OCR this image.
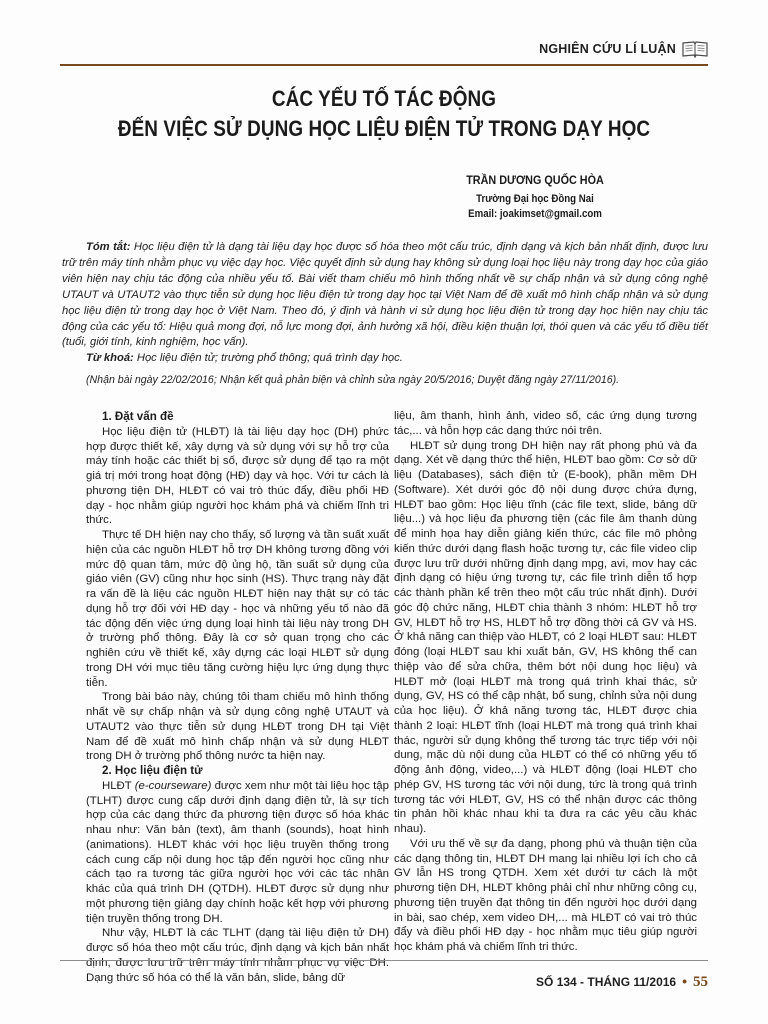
NGHIÊN CỨU LÍ LUẬN
CÁC YẾU TỐ TÁC ĐỘNG
ĐẾN VIỆC SỬ DỤNG HỌC LIỆU ĐIỆN TỬ TRONG DẠY HỌC
TRẦN DƯƠNG QUỐC HÒA
Trường Đại học Đồng Nai
Email: joakimset@gmail.com

Tóm tắt: Học liệu điện tử là dạng tài liệu dạy học được số hóa theo một cấu trúc, định dạng và kịch bản nhất định, được lưu trữ trên máy tính nhằm phục vụ việc dạy học. Việc quyết định sử dụng hay không sử dụng loại học liệu này trong dạy học của giáo viên hiện nay chịu tác động của nhiều yếu tố. Bài viết tham chiếu mô hình thống nhất về sự chấp nhận và sử dụng công nghệ UTAUT và UTAUT2 vào thực tiễn sử dụng học liệu điện tử trong dạy học tại Việt Nam để đề xuất mô hình chấp nhận và sử dụng học liệu điện tử trong dạy học ở Việt Nam. Theo đó, ý định và hành vi sử dụng học liệu điện tử trong dạy học hiện nay chịu tác động của các yếu tố: Hiệu quả mong đợi, nỗ lực mong đợi, ảnh hưởng xã hội, điều kiện thuận lợi, thói quen và các yếu tố điều tiết (tuổi, giới tính, kinh nghiệm, học vấn).

Từ khoá: Học liệu điện tử; trường phổ thông; quá trình dạy học.

(Nhận bài ngày 22/02/2016; Nhận kết quả phản biện và chỉnh sửa ngày 20/5/2016; Duyệt đăng ngày 27/11/2016).

1. Đặt vấn đề

Học liệu điện tử (HLĐT) là tài liệu dạy học (DH) phức hợp được thiết kế, xây dựng và sử dụng với sự hỗ trợ của máy tính hoặc các thiết bị số, được sử dụng để tạo ra một giá trị mới trong hoạt động (HĐ) dạy và học. Với tư cách là phương tiện DH, HLĐT có vai trò thúc đẩy, điều phối HĐ dạy - học nhằm giúp người học khám phá và chiếm lĩnh tri thức.

Thực tế DH hiện nay cho thấy, số lượng và tần suất xuất hiện của các nguồn HLĐT hỗ trợ DH không tương đồng với mức độ quan tâm, mức độ ủng hộ, tần suất sử dụng của giáo viên (GV) cũng như học sinh (HS). Thực trạng này đặt ra vấn đề là liệu các nguồn HLĐT hiện nay thật sự có tác dụng hỗ trợ đối với HĐ dạy - học và những yếu tố nào đã tác động đến việc ứng dụng loại hình tài liệu này trong DH ở trường phổ thông. Đây là cơ sở quan trọng cho các nghiên cứu về thiết kế, xây dựng các loại HLĐT sử dụng trong DH với mục tiêu tăng cường hiệu lực ứng dụng thực tiễn.

Trong bài báo này, chúng tôi tham chiếu mô hình thống nhất về sự chấp nhận và sử dụng công nghệ UTAUT và UTAUT2 vào thực tiễn sử dụng HLĐT trong DH tại Việt Nam để đề xuất mô hình chấp nhận và sử dụng HLĐT trong DH ở trường phổ thông nước ta hiện nay.

2. Học liệu điện tử

HLĐT (e-courseware) được xem như một tài liệu học tập (TLHT) được cung cấp dưới định dạng điện tử, là sự tích hợp của các dạng thức đa phương tiện được số hóa khác nhau như: Văn bản (text), âm thanh (sounds), hoạt hình (animations). HLĐT khác với học liệu truyền thống trong cách cung cấp nội dung học tập đến người học cũng như cách tạo ra tương tác giữa người học với các tác nhân khác của quá trình DH (QTDH). HLĐT được sử dụng như một phương tiện giảng dạy chính hoặc kết hợp với phương tiện truyền thống trong DH.

Như vậy, HLĐT là các TLHT (dạng tài liệu điện tử DH) được số hóa theo một cấu trúc, định dạng và kịch bản nhất định, được lưu trữ trên máy tính nhằm phục vụ việc DH. Dạng thức số hóa có thể là văn bản, slide, bảng dữ

liệu, âm thanh, hình ảnh, video số, các ứng dụng tương tác,... và hỗn hợp các dạng thức nói trên.

HLĐT sử dụng trong DH hiện nay rất phong phú và đa dạng. Xét về dạng thức thể hiện, HLĐT bao gồm: Cơ sở dữ liệu (Databases), sách điện tử (E-book), phần mềm DH (Software). Xét dưới góc độ nội dung được chứa đựng, HLĐT bao gồm: Học liệu tĩnh (các file text, slide, bảng dữ liệu...) và học liệu đa phương tiện (các file âm thanh dùng để minh họa hay diễn giảng kiến thức, các file mô phỏng kiến thức dưới dạng flash hoặc tương tự, các file video clip được lưu trữ dưới những định dạng mpg, avi, mov hay các định dạng có hiệu ứng tương tự, các file trình diễn tổ hợp các thành phần kể trên theo một cấu trúc nhất định). Dưới góc độ chức năng, HLĐT chia thành 3 nhóm: HLĐT hỗ trợ GV, HLĐT hỗ trợ HS, HLĐT hỗ trợ đồng thời cả GV và HS. Ở khả năng can thiệp vào HLĐT, có 2 loại HLĐT sau: HLĐT đóng (loại HLĐT sau khi xuất bản, GV, HS không thể can thiệp vào để sửa chữa, thêm bớt nội dung học liệu) và HLĐT mở (loại HLĐT mà trong quá trình khai thác, sử dụng, GV, HS có thể cập nhật, bổ sung, chỉnh sửa nội dung của học liệu). Ở khả năng tương tác, HLĐT được chia thành 2 loại: HLĐT tĩnh (loại HLĐT mà trong quá trình khai thác, người sử dụng không thể tương tác trực tiếp với nội dung, mặc dù nội dung của HLĐT có thể có những yếu tố động ảnh động, video,...) và HLĐT động (loại HLĐT cho phép GV, HS tương tác với nội dung, tức là trong quá trình tương tác với HLĐT, GV, HS có thể nhận được các thông tin phản hồi khác nhau khi ta đưa ra các yêu cầu khác nhau).

Với ưu thế về sự đa dạng, phong phú và thuận tiện của các dạng thông tin, HLĐT DH mang lại nhiều lợi ích cho cả GV lẫn HS trong QTDH. Xem xét dưới tư cách là một phương tiện DH, HLĐT không phải chỉ như những công cụ, phương tiện truyền đạt thông tin đến người học dưới dạng in bài, sao chép, xem video DH,... mà HLĐT có vai trò thúc đẩy và điều phối HĐ dạy - học nhằm mục tiêu giúp người học khám phá và chiếm lĩnh tri thức.

SỐ 134 - THÁNG 11/2016 • 55
